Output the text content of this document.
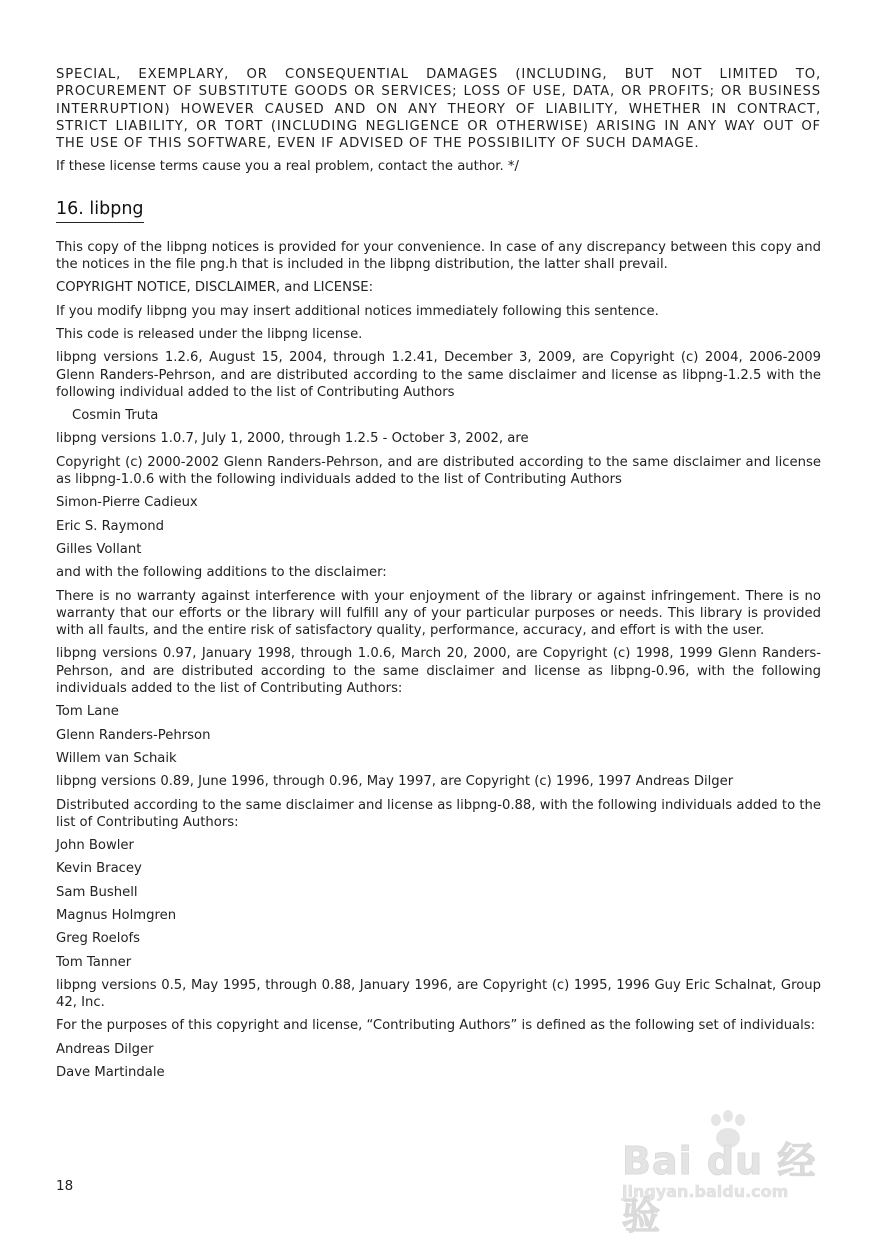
SPECIAL, EXEMPLARY, OR CONSEQUENTIAL DAMAGES (INCLUDING, BUT NOT LIMITED TO, PROCUREMENT OF SUBSTITUTE GOODS OR SERVICES; LOSS OF USE, DATA, OR PROFITS; OR BUSINESS INTERRUPTION) HOWEVER CAUSED AND ON ANY THEORY OF LIABILITY, WHETHER IN CONTRACT, STRICT LIABILITY, OR TORT (INCLUDING NEGLIGENCE OR OTHERWISE) ARISING IN ANY WAY OUT OF THE USE OF THIS SOFTWARE, EVEN IF ADVISED OF THE POSSIBILITY OF SUCH DAMAGE.

If these license terms cause you a real problem, contact the author. */

16. libpng

This copy of the libpng notices is provided for your convenience. In case of any discrepancy between this copy and the notices in the file png.h that is included in the libpng distribution, the latter shall prevail.

COPYRIGHT NOTICE, DISCLAIMER, and LICENSE:

If you modify libpng you may insert additional notices immediately following this sentence.

This code is released under the libpng license.

libpng versions 1.2.6, August 15, 2004, through 1.2.41, December 3, 2009, are Copyright (c) 2004, 2006-2009 Glenn Randers-Pehrson, and are distributed according to the same disclaimer and license as libpng-1.2.5 with the following individual added to the list of Contributing Authors

Cosmin Truta

libpng versions 1.0.7, July 1, 2000, through 1.2.5 - October 3, 2002, are

Copyright (c) 2000-2002 Glenn Randers-Pehrson, and are distributed according to the same disclaimer and license as libpng-1.0.6 with the following individuals added to the list of Contributing Authors

Simon-Pierre Cadieux

Eric S. Raymond

Gilles Vollant

and with the following additions to the disclaimer:

There is no warranty against interference with your enjoyment of the library or against infringement. There is no warranty that our efforts or the library will fulfill any of your particular purposes or needs. This library is provided with all faults, and the entire risk of satisfactory quality, performance, accuracy, and effort is with the user.

libpng versions 0.97, January 1998, through 1.0.6, March 20, 2000, are Copyright (c) 1998, 1999 Glenn Randers-Pehrson, and are distributed according to the same disclaimer and license as libpng-0.96, with the following individuals added to the list of Contributing Authors:

Tom Lane

Glenn Randers-Pehrson

Willem van Schaik

libpng versions 0.89, June 1996, through 0.96, May 1997, are Copyright (c) 1996, 1997 Andreas Dilger

Distributed according to the same disclaimer and license as libpng-0.88, with the following individuals added to the list of Contributing Authors:

John Bowler

Kevin Bracey

Sam Bushell

Magnus Holmgren

Greg Roelofs

Tom Tanner

libpng versions 0.5, May 1995, through 0.88, January 1996, are Copyright (c) 1995, 1996 Guy Eric Schalnat, Group 42, Inc.

For the purposes of this copyright and license, “Contributing Authors” is defined as the following set of individuals:

Andreas Dilger

Dave Martindale

18
Bai du 经验
jingyan.baidu.com
